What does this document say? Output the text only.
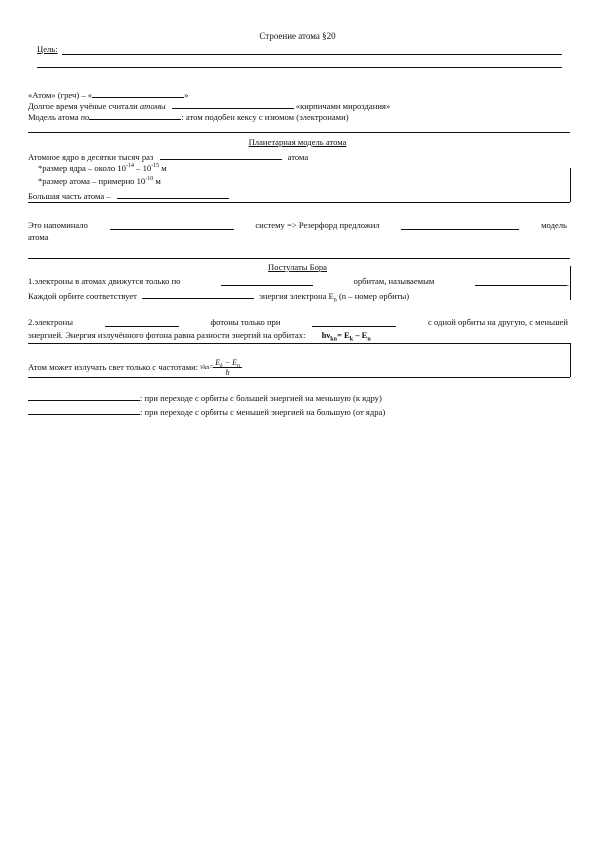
Строение атома §20
Цель:
«Атом» (греч) – «	»
Долгое время учёные считали атомы	«кирпичами мироздания»
Модель атома по	: атом подобен кексу с изюмом (электронами)
Планетарная модель атома
Атомное ядро в десятки тысяч раз	атома
*размер ядра – около $10^{-14} - 10^{-15}$ м
*размер атома – примерно $10^{-10}$ м
Большая часть атома –
Это напоминало	систему => Резерфорд предложил	модель
атома
Постулаты Бора
1.электроны в атомах движутся только по	орбитам, называемым	.
Каждой орбите соответствует	энергия электрона $Е_n$ (n – номер орбиты)
2.электроны	фотоны только при	с одной орбиты на другую, с меньшей
энергией. Энергия излучённого фотона равна разности энергий на орбитах: $h\nu_{kn}= Е_k - Е_n$
Атом может излучать свет только с частотами: ν kn = $\frac{E_k - E_n}{h}$
: при переходе с орбиты с большей энергией на меньшую (к ядру)
: при переходе с орбиты с меньшей энергией на большую (от ядра)
